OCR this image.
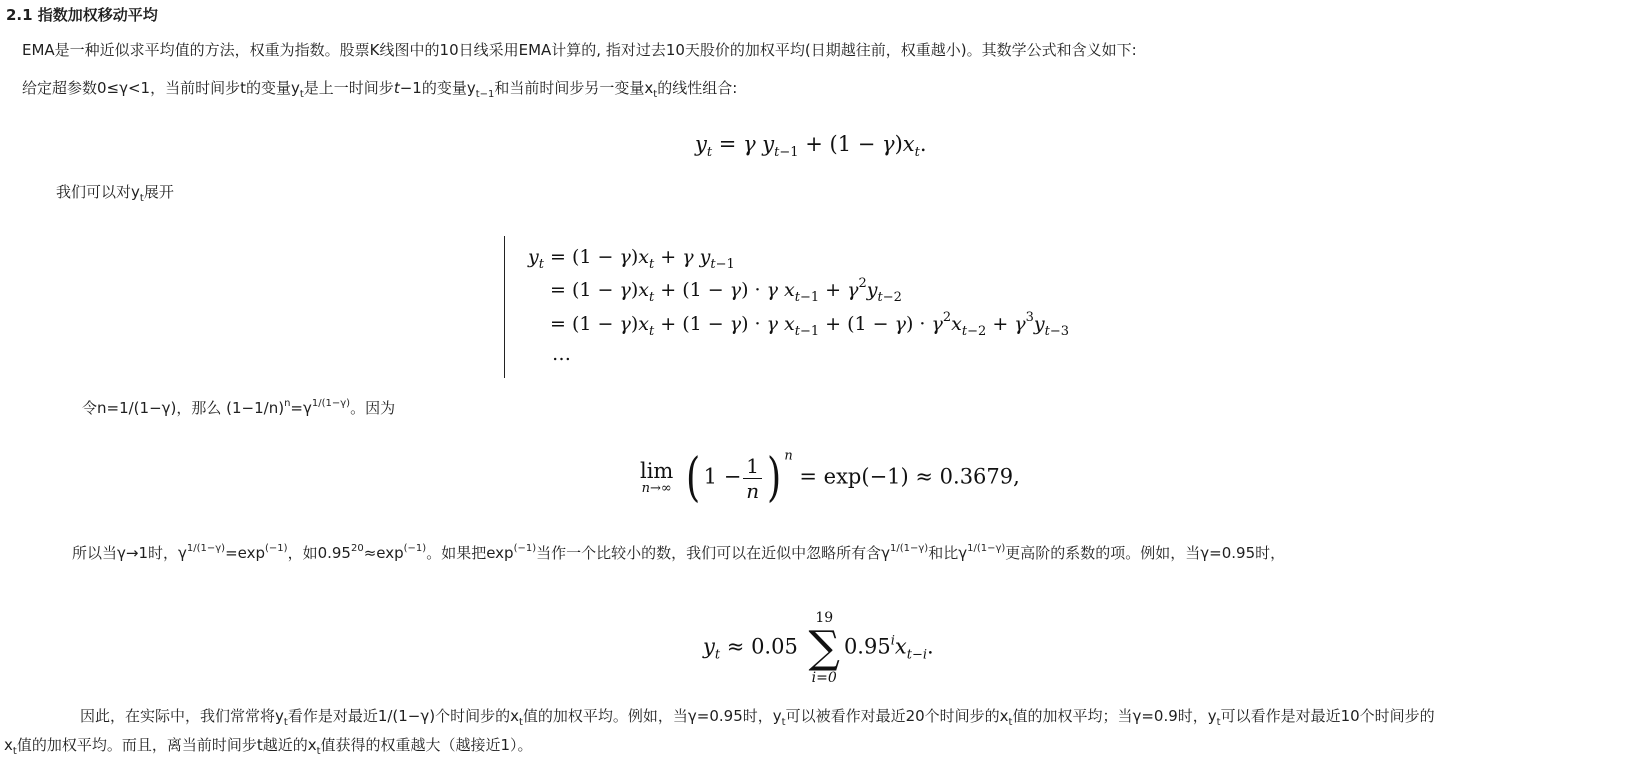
2.1 指数加权移动平均
EMA是一种近似求平均值的方法，权重为指数。股票K线图中的10日线采用EMA计算的, 指对过去10天股价的加权平均(日期越往前，权重越小)。其数学公式和含义如下:
给定超参数0≤γ<1，当前时间步t的变量$y_t$是上一时间步t−1的变量$y_{t-1}$和当前时间步另一变量$x_t$的线性组合:
$y_t = \gamma$ $y_{t-1} + (1 - \gamma)x_t$.
我们可以对$y_t$展开
$y_t = (1 - \gamma)x_t + \gamma$ $y_{t-1}$
= $(1 - \gamma)x_t + (1 - \gamma) \cdot \gamma$ $x_{t-1} + \gamma^2y_{t-2}$
= $(1 - \gamma)x_t + (1 - \gamma) \cdot \gamma$ $x_{t-1} + (1 - \gamma) \cdot \gamma^2x_{t-2} + \gamma^3y_{t-3}$
…
令n=1/(1−γ)，那么 $(1-1/n)^n=\gamma^{1/(1-\gamma)}$。因为
lim
n→∞ ( $1 - \frac{1}{n}$ ) $^n$ = exp(−1) ≈ 0.3679,
所以当γ→1时，$\gamma^{1/(1-\gamma)}=\exp^{(-1)}$，如$0.95^{20}\approx\exp^{(-1)}$。如果把$\exp^{(-1)}$当作一个比较小的数，我们可以在近似中忽略所有含$\gamma^{1/(1-\gamma)}$和比$\gamma^{1/(1-\gamma)}$更高阶的系数的项。例如，当γ=0.95时，
$y_t \approx 0.05$
19
∑
i=0
$0.95^ix_{t-i}$.
因此，在实际中，我们常常将$y_t$看作是对最近1/(1−γ)个时间步的$x_t$值的加权平均。例如，当γ=0.95时，$y_t$可以被看作对最近20个时间步的$x_t$值的加权平均；当γ=0.9时，$y_t$可以看作是对最近10个时间步的
$x_t$值的加权平均。而且，离当前时间步t越近的$x_t$值获得的权重越大（越接近1）。
